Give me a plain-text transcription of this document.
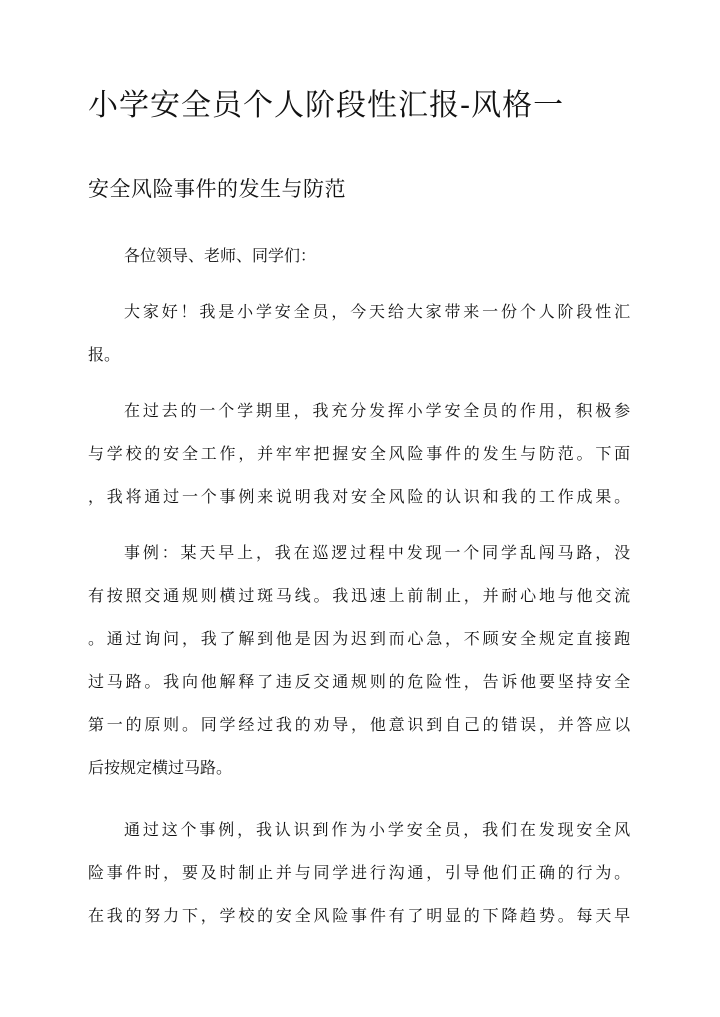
小学安全员个人阶段性汇报-风格一
安全风险事件的发生与防范
各位领导、老师、同学们：
大家好！我是小学安全员，今天给大家带来一份个人阶段性汇
报。
在过去的一个学期里，我充分发挥小学安全员的作用，积极参
与学校的安全工作，并牢牢把握安全风险事件的发生与防范。下面
，我将通过一个事例来说明我对安全风险的认识和我的工作成果。
事例：某天早上，我在巡逻过程中发现一个同学乱闯马路，没
有按照交通规则横过斑马线。我迅速上前制止，并耐心地与他交流
。通过询问，我了解到他是因为迟到而心急，不顾安全规定直接跑
过马路。我向他解释了违反交通规则的危险性，告诉他要坚持安全
第一的原则。同学经过我的劝导，他意识到自己的错误，并答应以
后按规定横过马路。
通过这个事例，我认识到作为小学安全员，我们在发现安全风
险事件时，要及时制止并与同学进行沟通，引导他们正确的行为。
在我的努力下，学校的安全风险事件有了明显的下降趋势。每天早
